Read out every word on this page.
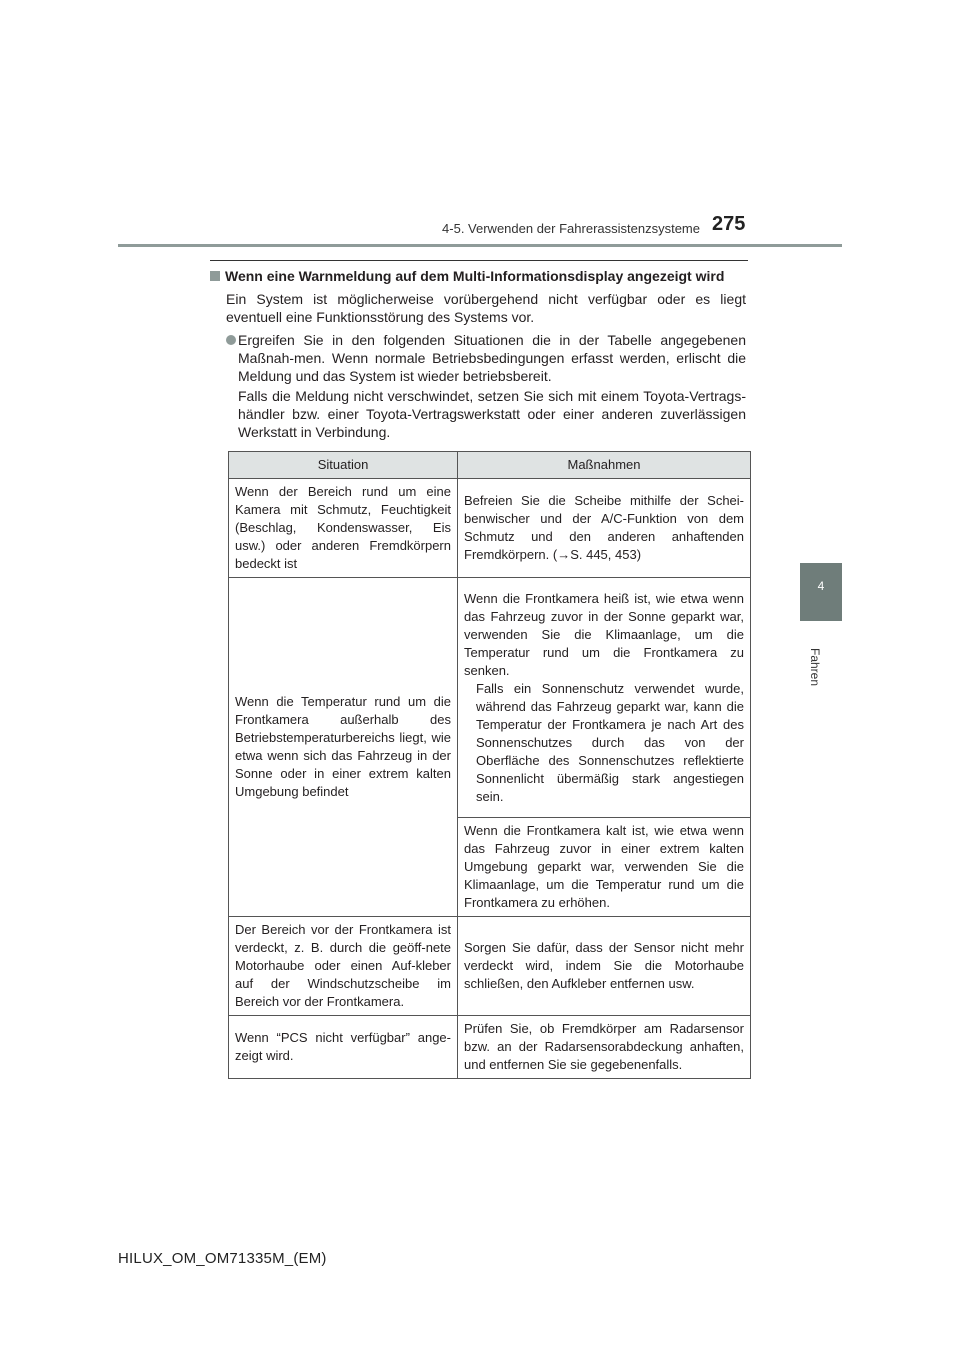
4-5. Verwenden der Fahrerassistenzsysteme 275
4
Fahren
Wenn eine Warnmeldung auf dem Multi-Informationsdisplay angezeigt wird
Ein System ist möglicherweise vorübergehend nicht verfügbar oder es liegt eventuell eine Funktionsstörung des Systems vor.
Ergreifen Sie in den folgenden Situationen die in der Tabelle angegebenen Maßnah-men. Wenn normale Betriebsbedingungen erfasst werden, erlischt die Meldung und das System ist wieder betriebsbereit.
Falls die Meldung nicht verschwindet, setzen Sie sich mit einem Toyota-Vertrags-händler bzw. einer Toyota-Vertragswerkstatt oder einer anderen zuverlässigen Werkstatt in Verbindung.
Situation	Maßnahmen
Wenn der Bereich rund um eine Kamera mit Schmutz, Feuchtigkeit (Beschlag, Kondenswasser, Eis usw.) oder anderen Fremdkörpern bedeckt ist	Befreien Sie die Scheibe mithilfe der Schei-benwischer und der A/C-Funktion von dem Schmutz und den anderen anhaftenden Fremdkörpern. (→S. 445, 453)
Wenn die Temperatur rund um die Frontkamera außerhalb des Betriebstemperaturbereichs liegt, wie etwa wenn sich das Fahrzeug in der Sonne oder in einer extrem kalten Umgebung befindet	Wenn die Frontkamera heiß ist, wie etwa wenn das Fahrzeug zuvor in der Sonne geparkt war, verwenden Sie die Klimaanlage, um die Temperatur rund um die Frontkamera zu senken.
Falls ein Sonnenschutz verwendet wurde, während das Fahrzeug geparkt war, kann die Temperatur der Frontkamera je nach Art des Sonnenschutzes durch das von der Oberfläche des Sonnenschutzes reflektierte Sonnenlicht übermäßig stark angestiegen sein.

	Wenn die Frontkamera kalt ist, wie etwa wenn das Fahrzeug zuvor in einer extrem kalten Umgebung geparkt war, verwenden Sie die Klimaanlage, um die Temperatur rund um die Frontkamera zu erhöhen.
Der Bereich vor der Frontkamera ist verdeckt, z. B. durch die geöff-nete Motorhaube oder einen Auf-kleber auf der Windschutzscheibe im Bereich vor der Frontkamera.	Sorgen Sie dafür, dass der Sensor nicht mehr verdeckt wird, indem Sie die Motorhaube schließen, den Aufkleber entfernen usw.
Wenn “PCS nicht verfügbar” ange-zeigt wird.	Prüfen Sie, ob Fremdkörper am Radarsensor bzw. an der Radarsensorabdeckung anhaften, und entfernen Sie sie gegebenenfalls.
HILUX_OM_OM71335M_(EM)
